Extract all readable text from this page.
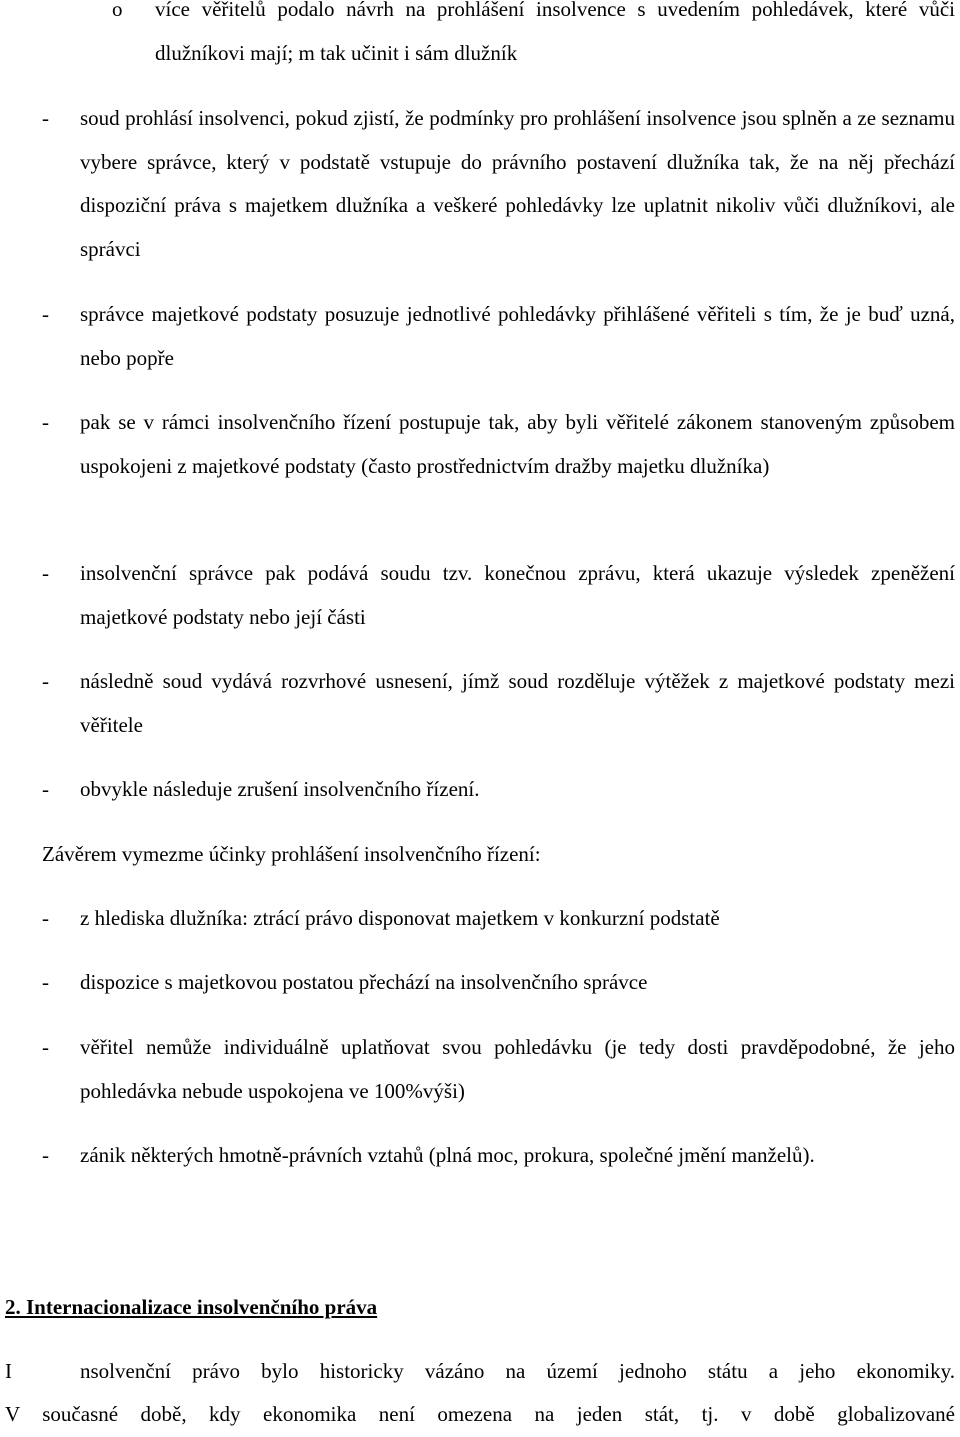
o více věřitelů podalo návrh na prohlášení insolvence s uvedením pohledávek, které vůči dlužníkovi mají; m tak učinit i sám dlužník
- soud prohlásí insolvenci, pokud zjistí, že podmínky pro prohlášení insolvence jsou splněn a ze seznamu vybere správce, který v podstatě vstupuje do právního postavení dlužníka tak, že na něj přechází dispoziční práva s majetkem dlužníka a veškeré pohledávky lze uplatnit nikoliv vůči dlužníkovi, ale správci
- správce majetkové podstaty posuzuje jednotlivé pohledávky přihlášené věřiteli s tím, že je buď uzná, nebo popře
- pak se v rámci insolvenčního řízení postupuje tak, aby byli věřitelé zákonem stanoveným způsobem uspokojeni z majetkové podstaty (často prostřednictvím dražby majetku dlužníka)
- insolvenční správce pak podává soudu tzv. konečnou zprávu, která ukazuje výsledek zpeněžení majetkové podstaty nebo její části
- následně soud vydává rozvrhové usnesení, jímž soud rozděluje výtěžek z majetkové podstaty mezi věřitele
- obvykle následuje zrušení insolvenčního řízení.
Závěrem vymezme účinky prohlášení insolvenčního řízení:
- z hlediska dlužníka: ztrácí právo disponovat majetkem v konkurzní podstatě
- dispozice s majetkovou postatou přechází na insolvenčního správce
- věřitel nemůže individuálně uplatňovat svou pohledávku (je tedy dosti pravděpodobné, že jeho pohledávka nebude uspokojena ve 100%výši)
- zánik některých hmotně-právních vztahů (plná moc, prokura, společné jmění manželů).
2. Internacionalizace insolvenčního práva
I	nsolvenční právo bylo historicky vázáno na území jednoho státu a jeho ekonomiky.
V současné době, kdy ekonomika není omezena na jeden stát, tj. v době globalizované
